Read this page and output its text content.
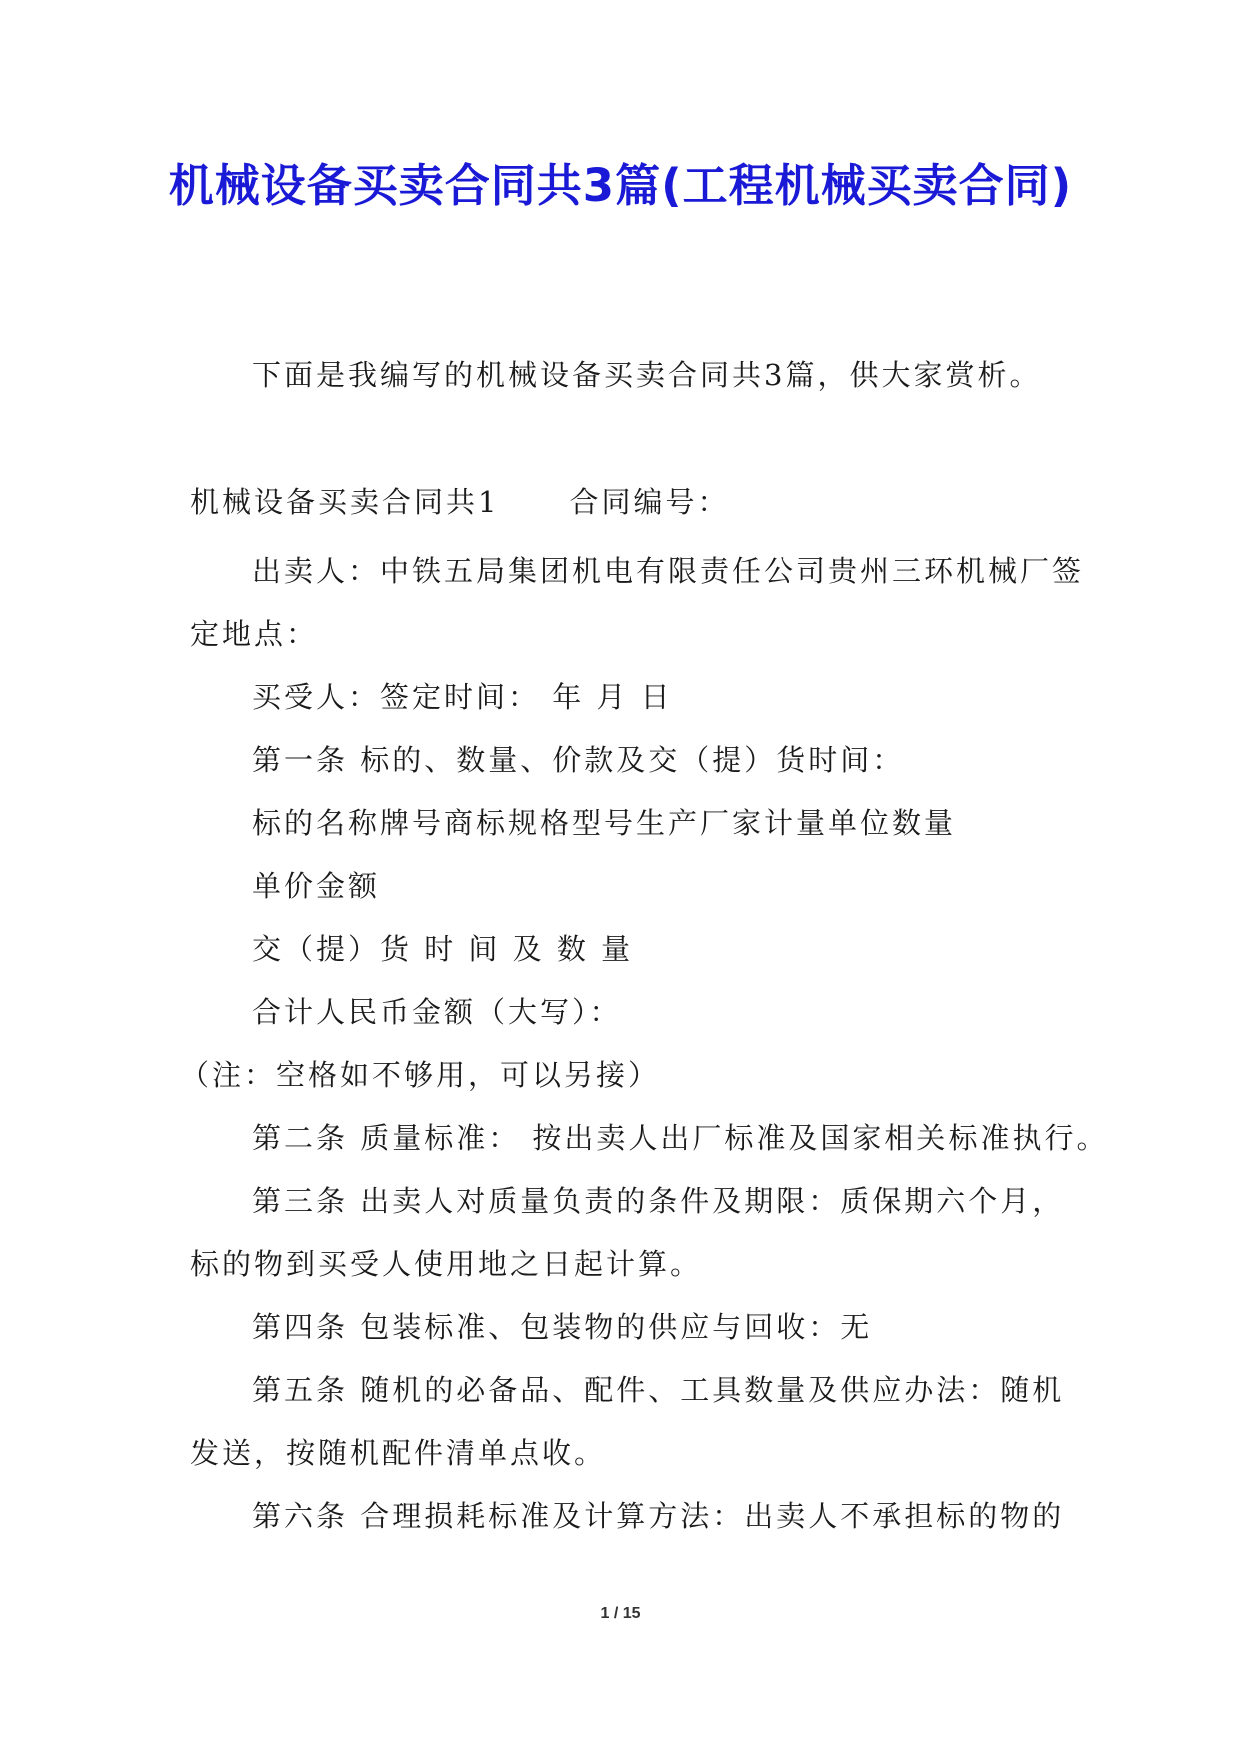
机械设备买卖合同共3篇(工程机械买卖合同)
下面是我编写的机械设备买卖合同共3篇，供大家赏析。
机械设备买卖合同共1 合同编号：
出卖人：中铁五局集团机电有限责任公司贵州三环机械厂签
定地点：
买受人：签定时间： 年 月 日
第一条 标的、数量、价款及交（提）货时间：
标的名称牌号商标规格型号生产厂家计量单位数量
单价金额
交（提）货 时 间 及 数 量
合计人民币金额（大写）：
（注：空格如不够用，可以另接）
第二条 质量标准： 按出卖人出厂标准及国家相关标准执行。
第三条 出卖人对质量负责的条件及期限：质保期六个月，
标的物到买受人使用地之日起计算。
第四条 包装标准、包装物的供应与回收：无
第五条 随机的必备品、配件、工具数量及供应办法：随机
发送，按随机配件清单点收。
第六条 合理损耗标准及计算方法：出卖人不承担标的物的
1 / 15
